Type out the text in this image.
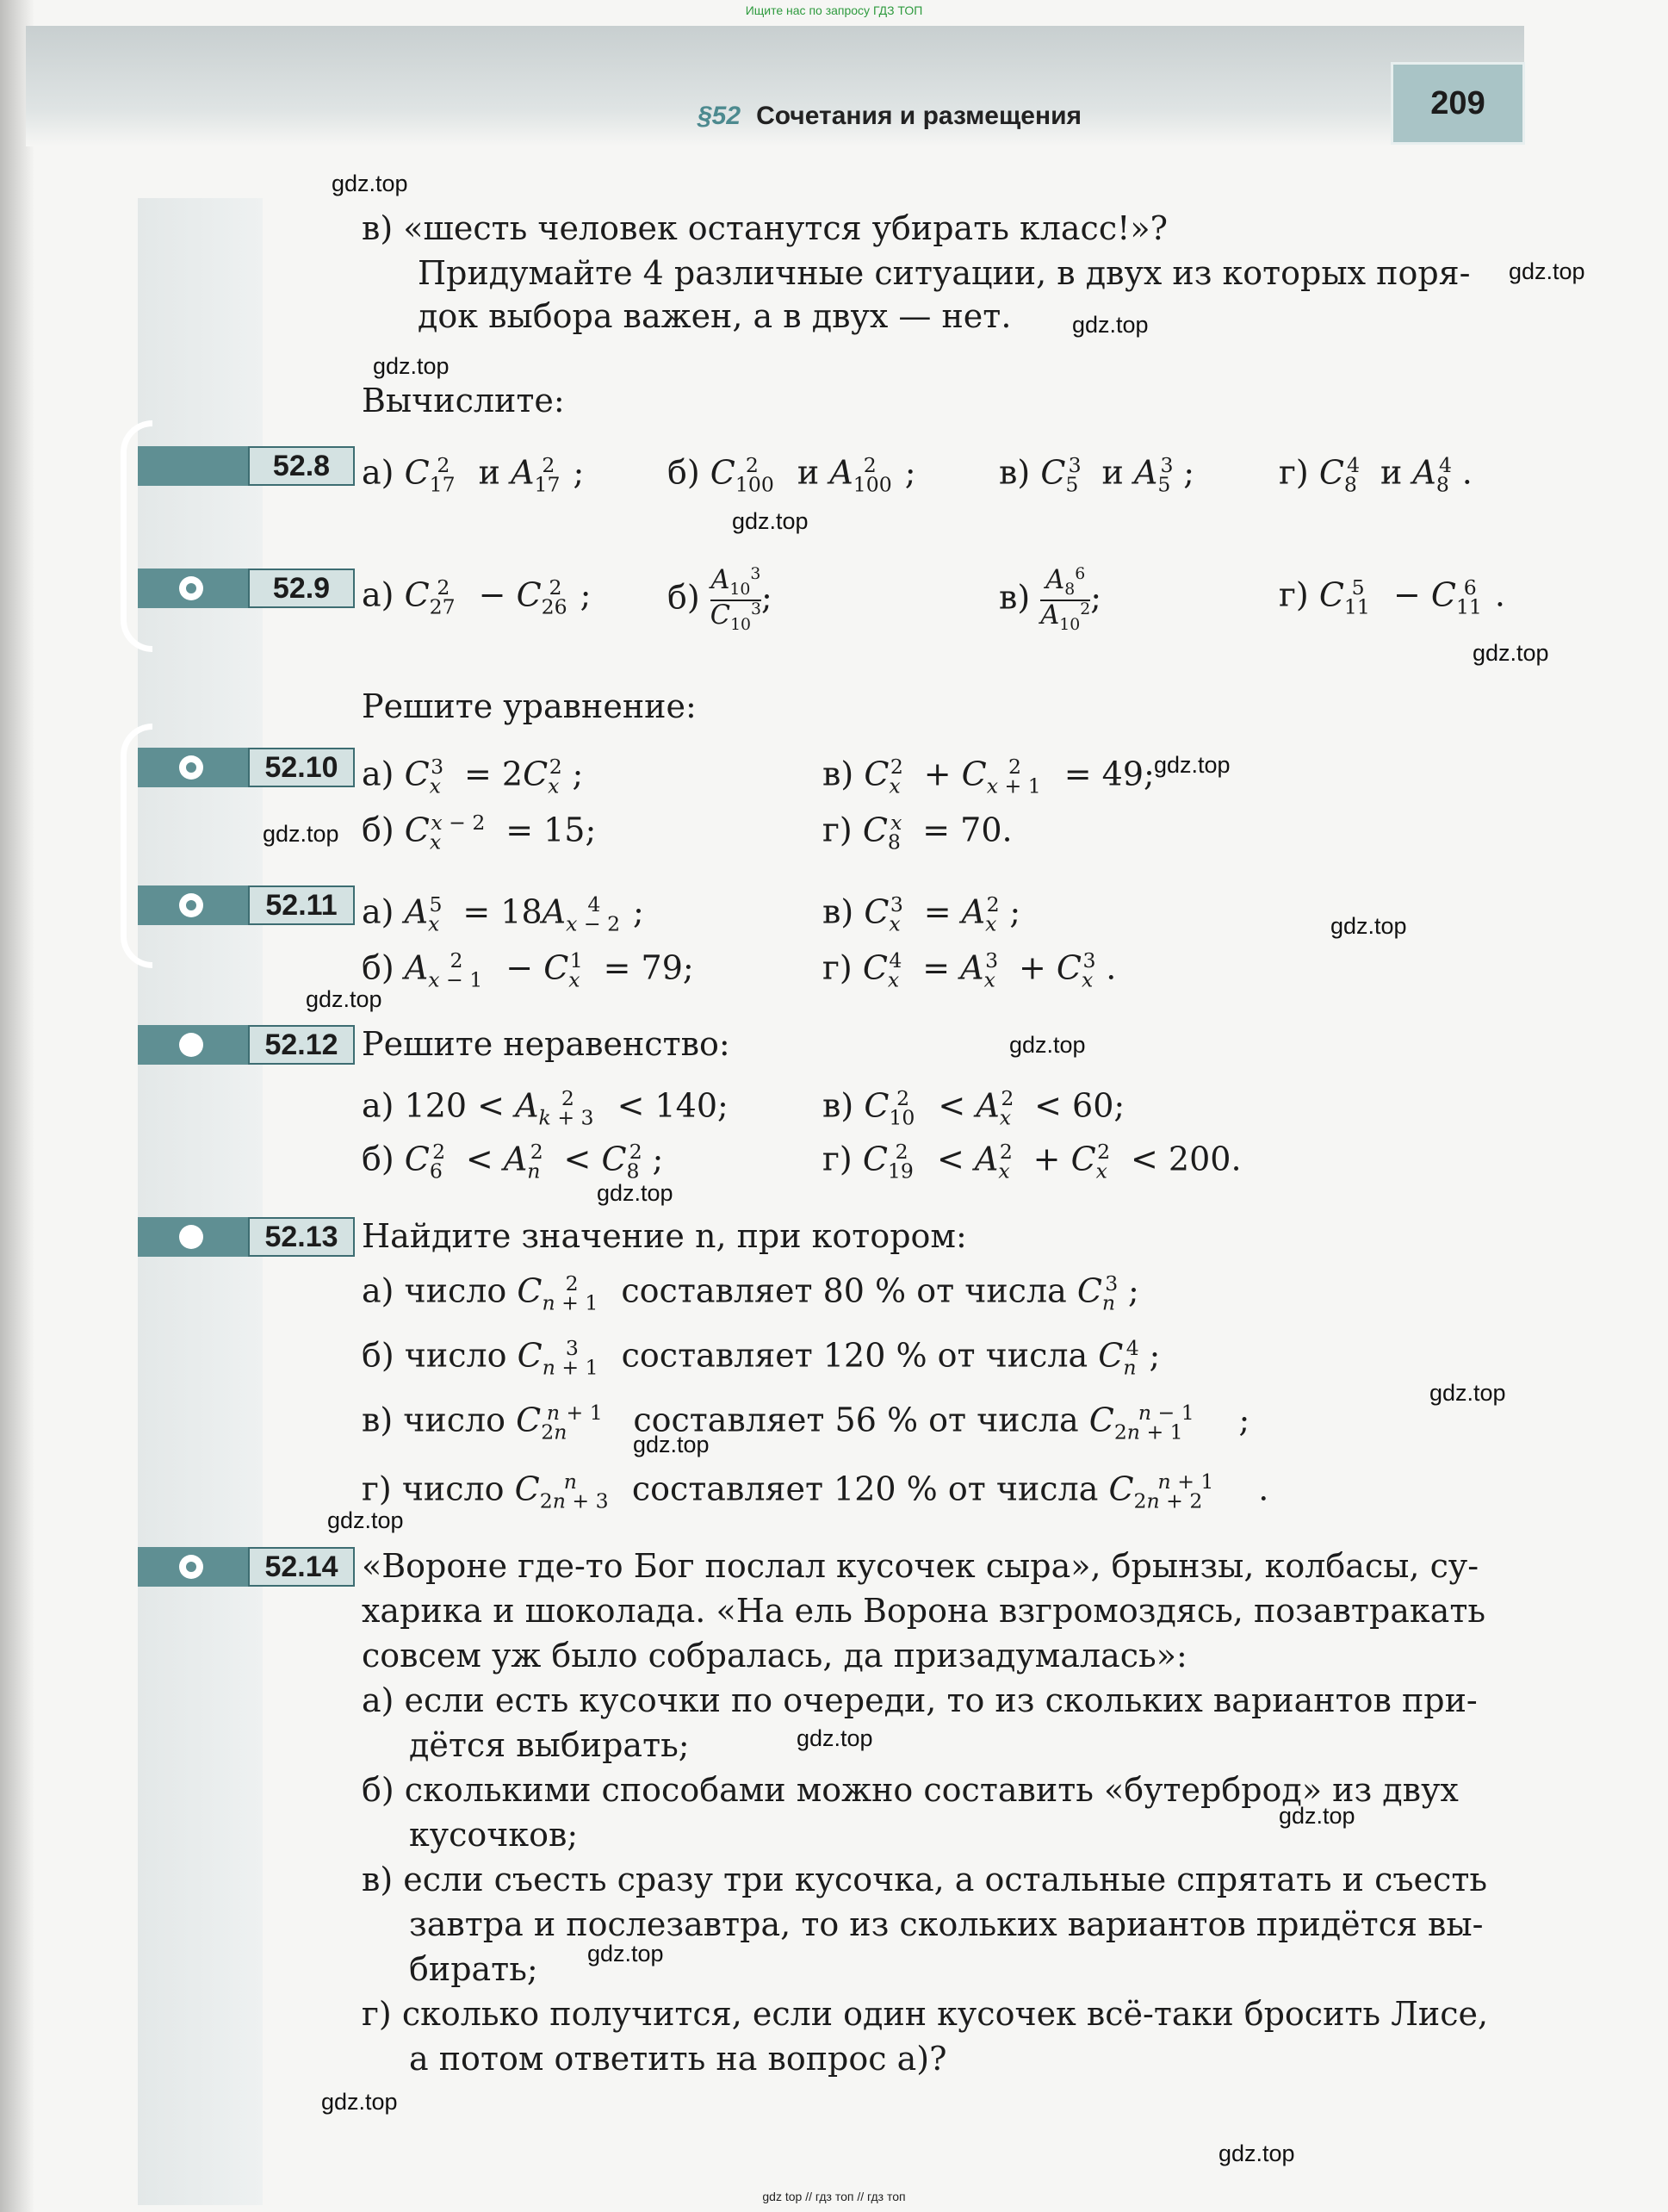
Ищите нас по запросу ГДЗ ТОП
§52 Сочетания и размещения	209
в) «шесть человек останутся убирать класс!»?
Придумайте 4 различные ситуации, в двух из которых поря-
док выбора важен, а в двух — нет.
Вычислите:
52.8 а) $C_{17}^2$ и $A_{17}^2$ ;	б) $C_{100}^2$ и $A_{100}^2$ ;	в) $C_5^3$ и $A_5^3$ ;	г) $C_8^4$ и $A_8^4$ .
52.9 а) $C_{27}^2 - C_{26}^2$ ; $б) \frac{A_{10}^3}{C_{10}^3}$ ;	$в) \frac{A_8^6}{A_{10}^2}$ ;	г) $C_{11}^5 - C_{11}^6$ .
Решите уравнение:
52.10 а) $C_x^3 = 2C_x^2$ ;	в) $C_x^2 + C_{x + 1}^2 = 49$;
б) $C_x^{x - 2} = 15$;	г) $C_8^x = 70$.
52.11 а) $A_x^5 = 18A_{x - 2}^4$ ;	в) $C_x^3 = A_x^2$ ;
б) $A_{x - 1}^2 - C_x^1 = 79$;	г) $C_x^4 = A_x^3 + C_x^3$ .
52.12 Решите неравенство:
а) $120 < A_{k + 3}^2 < 140$;	в) $C_{10}^2 < A_x^2 < 60$;
б) $C_6^2 < A_n^2 < C_8^2$ ;	г) $C_{19}^2 < A_x^2 + C_x^2 < 200$.
52.13 Найдите значение n, при котором:
а) число $C_{n + 1}^2$ составляет 80 % от числа $C_n^3$ ;
б) число $C_{n + 1}^3$ составляет 120 % от числа $C_n^4$ ;
в) число $C_{2n}^{n + 1}$ составляет 56 % от числа $C_{2n + 1}^{n - 1}$ ;
г) число $C_{2n + 3}^n$ составляет 120 % от числа $C_{2n + 2}^{n + 1}$ .
52.14 «Вороне где-то Бог послал кусочек сыра», брынзы, колбасы, су-
харика и шоколада. «На ель Ворона взгромоздясь, позавтракать
совсем уж было собралась, да призадумалась»:
а) если есть кусочки по очереди, то из скольких вариантов при-
дётся выбирать;
б) сколькими способами можно составить «бутерброд» из двух
кусочков;
в) если съесть сразу три кусочка, а остальные спрятать и съесть
завтра и послезавтра, то из скольких вариантов придётся вы-
бирать;
г) сколько получится, если один кусочек всё-таки бросить Лисе,
а потом ответить на вопрос а)?
gdz.top
gdz.top
gdz.top
gdz.top
gdz.top
gdz.top
gdz.top
gdz.top
gdz.top
gdz.top
gdz.top
gdz.top
gdz.top
gdz.top
gdz.top
gdz.top
gdz.top
gdz.top
gdz.top
gdz.top
gdz top // гдз топ // гдз топ
